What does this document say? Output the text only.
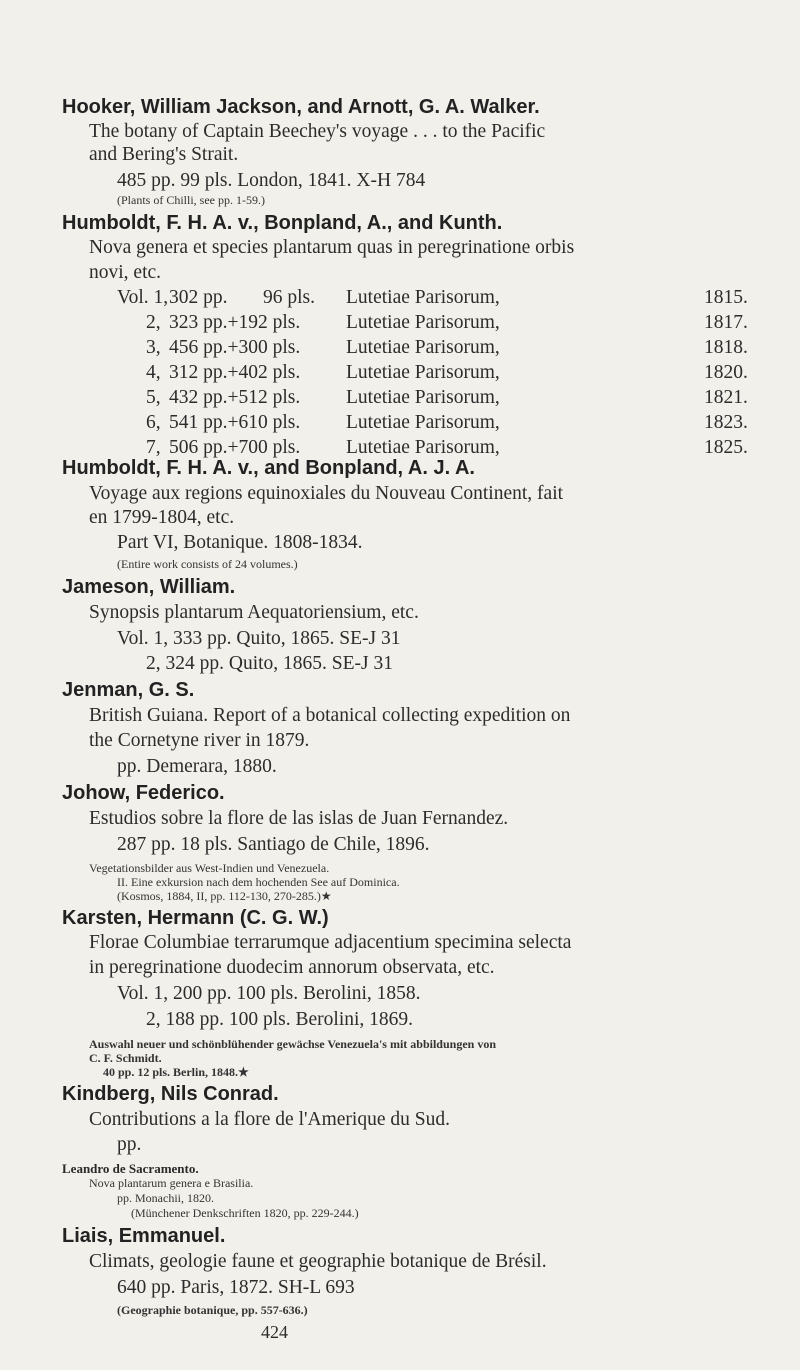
Hooker, William Jackson, and Arnott, G. A. Walker.
The botany of Captain Beechey's voyage . . . to the Pacific
and Bering's Strait.
485 pp. 99 pls. London, 1841. X-H 784
(Plants of Chilli, see pp. 1-59.)
Humboldt, F. H. A. v., Bonpland, A., and Kunth.
Nova genera et species plantarum quas in peregrinatione orbis
novi, etc.
Vol. 1, 302 pp. 96 pls. Lutetiae Parisorum,	1815.
2, 323 pp.+192 pls. Lutetiae Parisorum,	1817.
3, 456 pp.+300 pls. Lutetiae Parisorum,	1818.
4, 312 pp.+402 pls. Lutetiae Parisorum,	1820.
5, 432 pp.+512 pls. Lutetiae Parisorum,	1821.
6, 541 pp.+610 pls. Lutetiae Parisorum,	1823.
7, 506 pp.+700 pls. Lutetiae Parisorum,	1825.
Humboldt, F. H. A. v., and Bonpland, A. J. A.
Voyage aux regions equinoxiales du Nouveau Continent, fait
en 1799-1804, etc.
Part VI, Botanique. 1808-1834.
(Entire work consists of 24 volumes.)
Jameson, William.
Synopsis plantarum Aequatoriensium, etc.
Vol. 1, 333 pp. Quito, 1865. SE-J 31
2, 324 pp. Quito, 1865. SE-J 31
Jenman, G. S.
British Guiana. Report of a botanical collecting expedition on
the Cornetyne river in 1879.
pp. Demerara, 1880.
Johow, Federico.
Estudios sobre la flore de las islas de Juan Fernandez.
287 pp. 18 pls. Santiago de Chile, 1896.
Vegetationsbilder aus West-Indien und Venezuela.
II. Eine exkursion nach dem hochenden See auf Dominica.
(Kosmos, 1884, II, pp. 112-130, 270-285.)★
Karsten, Hermann (C. G. W.)
Florae Columbiae terrarumque adjacentium specimina selecta
in peregrinatione duodecim annorum observata, etc.
Vol. 1, 200 pp. 100 pls. Berolini, 1858.
2, 188 pp. 100 pls. Berolini, 1869.
Auswahl neuer und schönblühender gewächse Venezuela's mit abbildungen von
C. F. Schmidt.
40 pp. 12 pls. Berlin, 1848.★
Kindberg, Nils Conrad.
Contributions a la flore de l'Amerique du Sud.
pp.
Leandro de Sacramento.
Nova plantarum genera e Brasilia.
pp. Monachii, 1820.
(Münchener Denkschriften 1820, pp. 229-244.)
Liais, Emmanuel.
Climats, geologie faune et geographie botanique de Brésil.
640 pp. Paris, 1872. SH-L 693
(Geographie botanique, pp. 557-636.)
424
